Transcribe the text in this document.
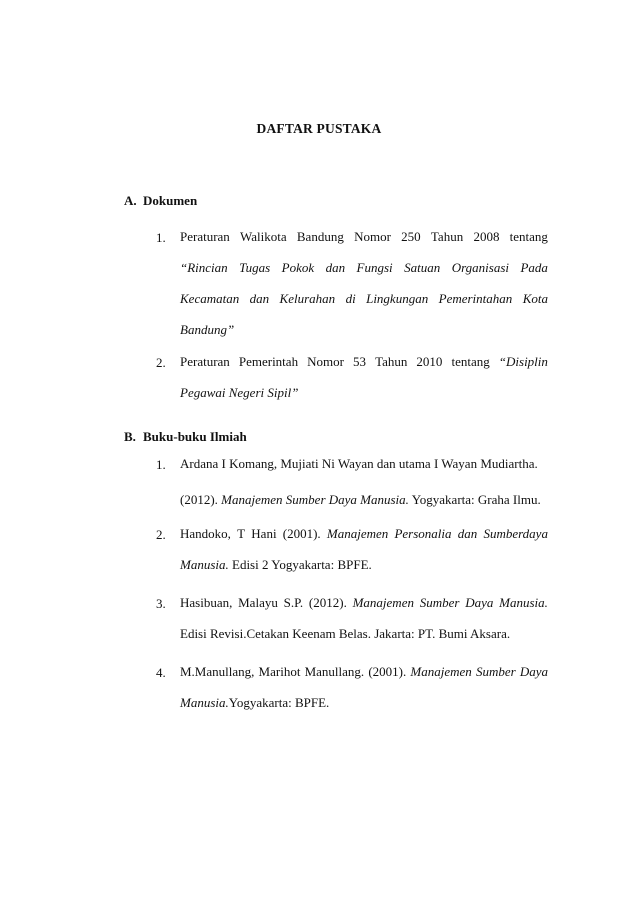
DAFTAR PUSTAKA
A. Dokumen
1. Peraturan Walikota Bandung Nomor 250 Tahun 2008 tentang
“Rincian Tugas Pokok dan Fungsi Satuan Organisasi Pada
Kecamatan dan Kelurahan di Lingkungan Pemerintahan Kota
Bandung”
2. Peraturan Pemerintah Nomor 53 Tahun 2010 tentang “Disiplin
Pegawai Negeri Sipil”
B. Buku-buku Ilmiah
1. Ardana I Komang, Mujiati Ni Wayan dan utama I Wayan Mudiartha.
(2012). Manajemen Sumber Daya Manusia. Yogyakarta: Graha Ilmu.
2. Handoko, T Hani (2001). Manajemen Personalia dan Sumberdaya
Manusia. Edisi 2 Yogyakarta: BPFE.
3. Hasibuan, Malayu S.P. (2012). Manajemen Sumber Daya Manusia.
Edisi Revisi.Cetakan Keenam Belas. Jakarta: PT. Bumi Aksara.
4. M.Manullang, Marihot Manullang. (2001). Manajemen Sumber Daya
Manusia.Yogyakarta: BPFE.
